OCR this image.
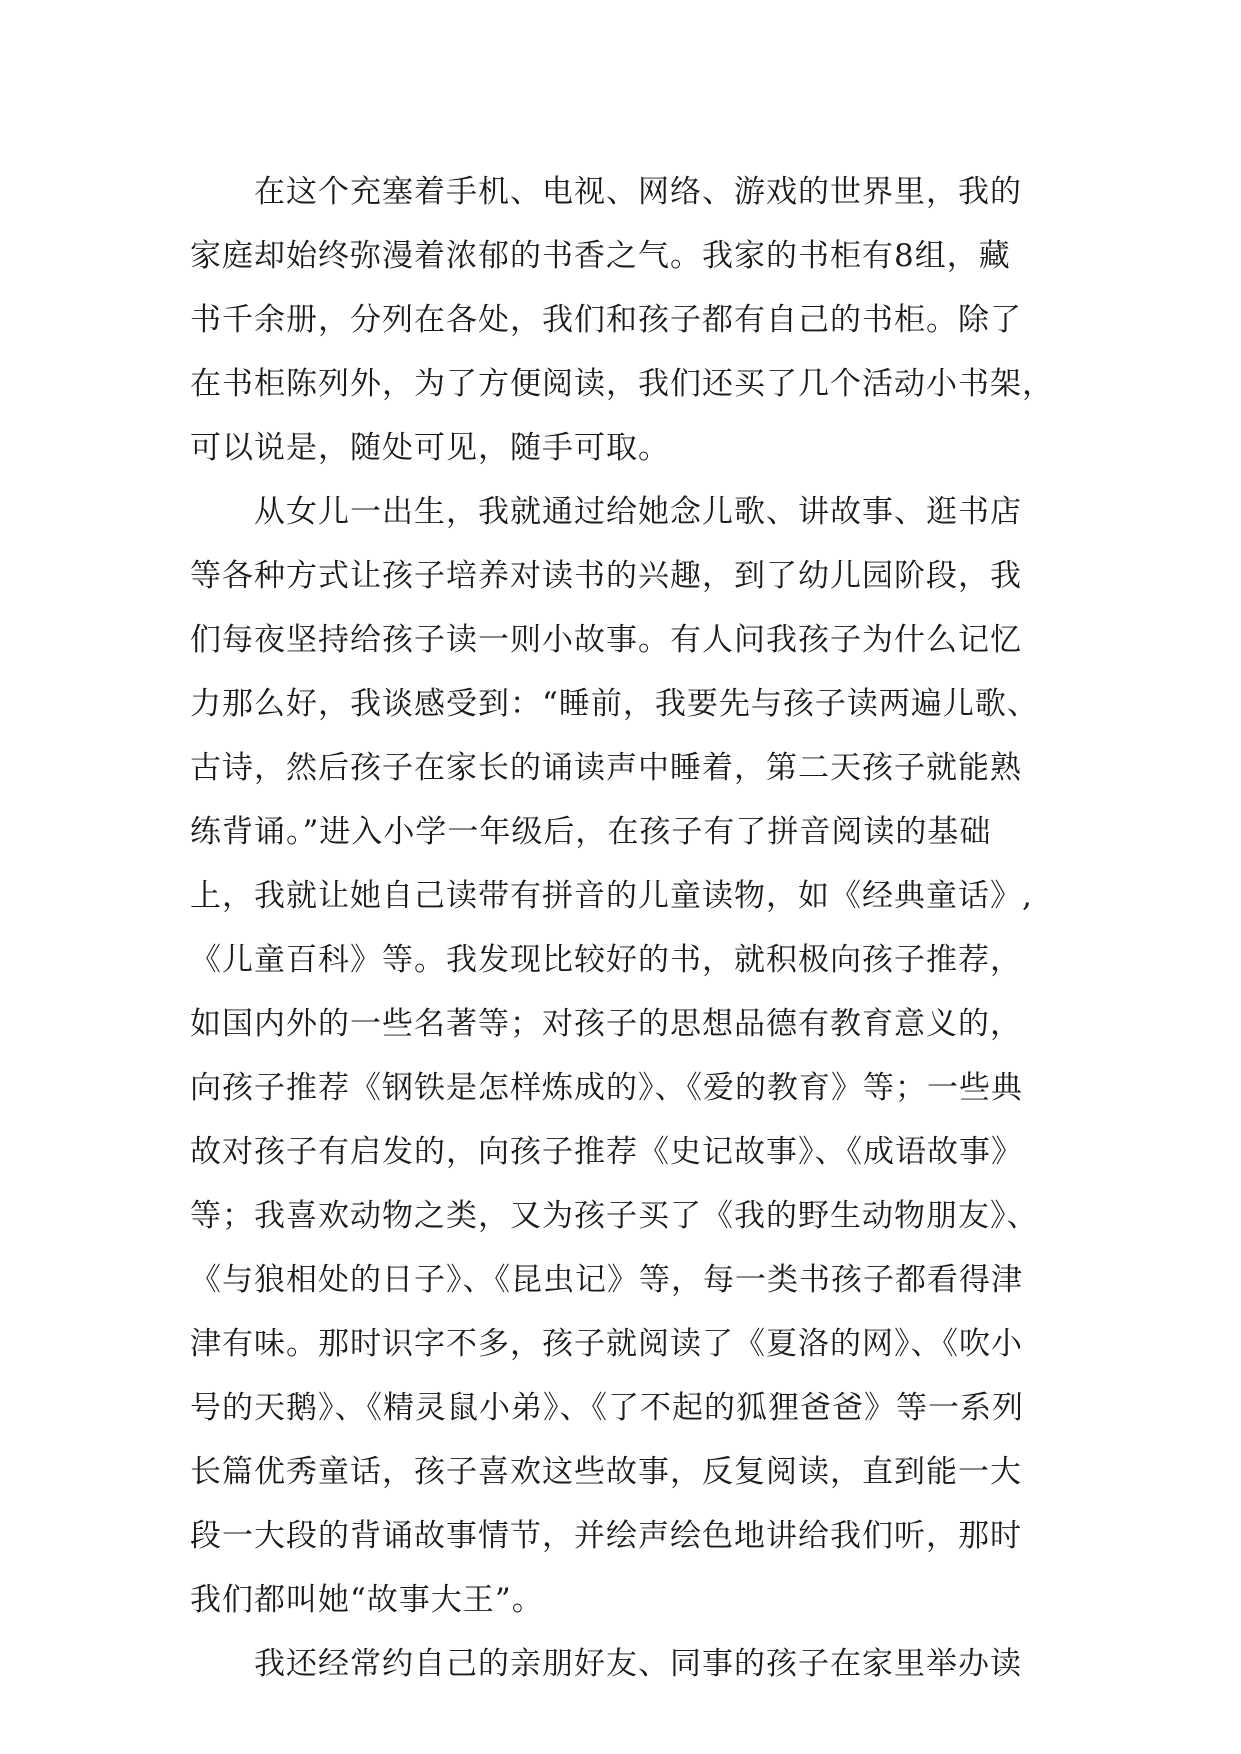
在这个充塞着手机、电视、网络、游戏的世界里，我的
家庭却始终弥漫着浓郁的书香之气。我家的书柜有8组，藏
书千余册，分列在各处，我们和孩子都有自己的书柜。除了
在书柜陈列外，为了方便阅读，我们还买了几个活动小书架，
可以说是，随处可见，随手可取。
从女儿一出生，我就通过给她念儿歌、讲故事、逛书店
等各种方式让孩子培养对读书的兴趣，到了幼儿园阶段，我
们每夜坚持给孩子读一则小故事。有人问我孩子为什么记忆
力那么好，我谈感受到：“睡前，我要先与孩子读两遍儿歌、
古诗，然后孩子在家长的诵读声中睡着，第二天孩子就能熟
练背诵。”进入小学一年级后，在孩子有了拼音阅读的基础
上，我就让她自己读带有拼音的儿童读物，如《经典童话》,
《儿童百科》等。我发现比较好的书，就积极向孩子推荐，
如国内外的一些名著等；对孩子的思想品德有教育意义的，
向孩子推荐《钢铁是怎样炼成的》、《爱的教育》等；一些典
故对孩子有启发的，向孩子推荐《史记故事》、《成语故事》
等；我喜欢动物之类，又为孩子买了《我的野生动物朋友》、
《与狼相处的日子》、《昆虫记》等，每一类书孩子都看得津
津有味。那时识字不多，孩子就阅读了《夏洛的网》、《吹小
号的天鹅》、《精灵鼠小弟》、《了不起的狐狸爸爸》等一系列
长篇优秀童话，孩子喜欢这些故事，反复阅读，直到能一大
段一大段的背诵故事情节，并绘声绘色地讲给我们听，那时
我们都叫她“故事大王”。
我还经常约自己的亲朋好友、同事的孩子在家里举办读
